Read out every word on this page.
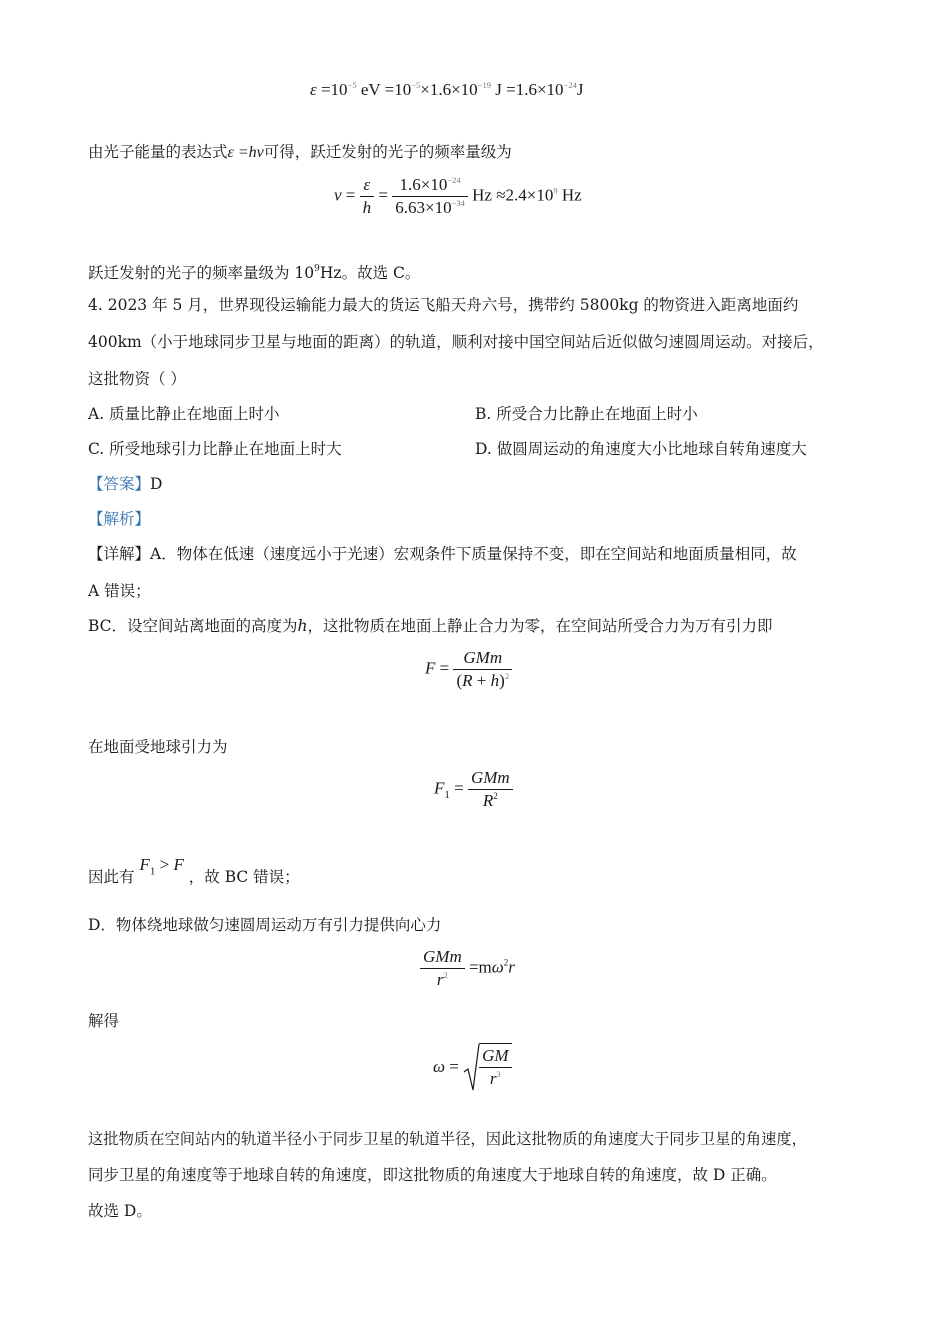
$\varepsilon =10^{-5}$ eV $=10^{-5}\times 1.6\times 10^{-19}$ $J =1.6\times 10^{-24}J$
由光子能量的表达式ε =hν可得，跃迁发射的光子的频率量级为
$\nu = \frac{\varepsilon}{h} = \frac{1.6\times 10^{-24}}{6.63\times 10^{-34}}$ $Hz \approx 2.4\times 10^9$ Hz
跃迁发射的光子的频率量级为 $10^9Hz$。故选 C。
4. 2023 年 5 月，世界现役运输能力最大的货运飞船天舟六号，携带约 5800kg 的物资进入距离地面约
400km（小于地球同步卫星与地面的距离）的轨道，顺利对接中国空间站后近似做匀速圆周运动。对接后，
这批物资（ ）
A. 质量比静止在地面上时小	B. 所受合力比静止在地面上时小
C. 所受地球引力比静止在地面上时大	D. 做圆周运动的角速度大小比地球自转角速度大
【答案】D
【解析】
【详解】A．物体在低速（速度远小于光速）宏观条件下质量保持不变，即在空间站和地面质量相同，故
A 错误；
BC．设空间站离地面的高度为h，这批物质在地面上静止合力为零，在空间站所受合力为万有引力即
$F = \frac{\text{GMm}}{(R + h)^2}$
在地面受地球引力为
$F_1 = \frac{\text{GMm}}{R^2}$
因此有 $F_1 > F$ ，故 BC 错误；
D．物体绕地球做匀速圆周运动万有引力提供向心力
$\frac{\text{GMm}}{r^2} =m\omega^2r$
解得
$\omega = \frac{GM}{r^3}$
这批物质在空间站内的轨道半径小于同步卫星的轨道半径，因此这批物质的角速度大于同步卫星的角速度，
同步卫星的角速度等于地球自转的角速度，即这批物质的角速度大于地球自转的角速度，故 D 正确。
故选 D。
